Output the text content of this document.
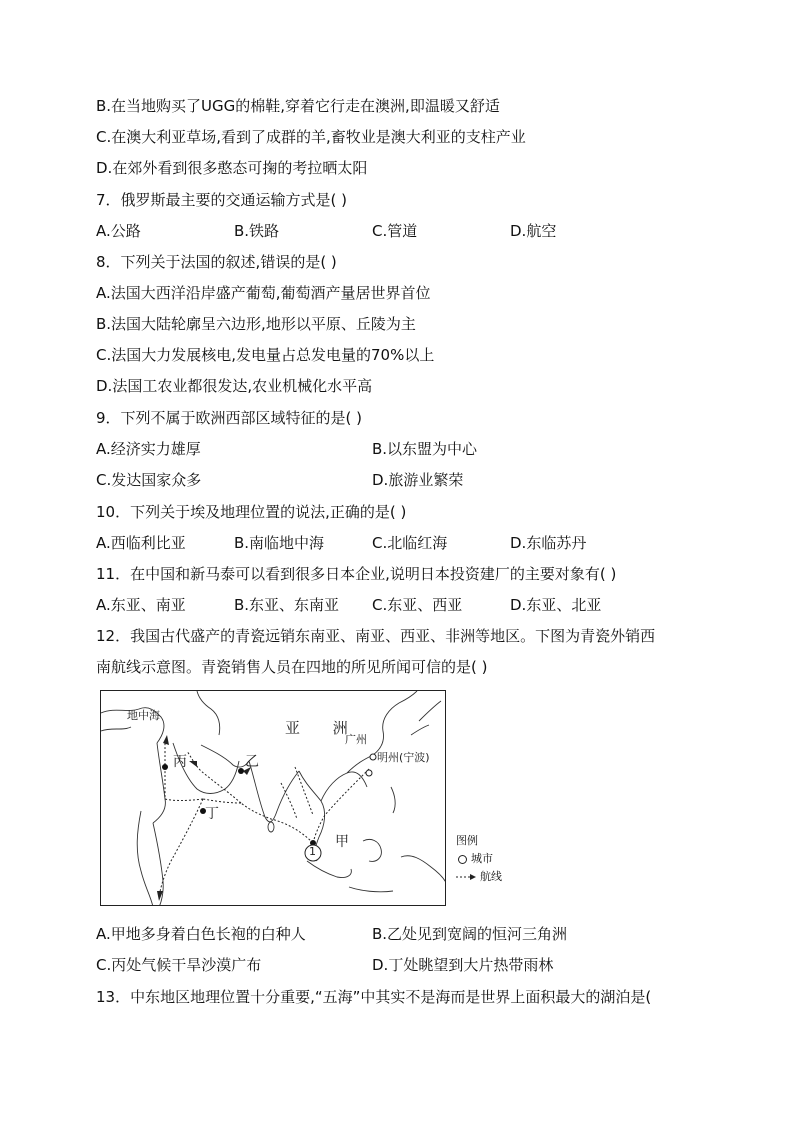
B.在当地购买了UGG的棉鞋,穿着它行走在澳洲,即温暖又舒适
C.在澳大利亚草场,看到了成群的羊,畜牧业是澳大利亚的支柱产业
D.在郊外看到很多憨态可掬的考拉晒太阳
7．俄罗斯最主要的交通运输方式是( )
A.公路	B.铁路	C.管道	D.航空
8．下列关于法国的叙述,错误的是( )
A.法国大西洋沿岸盛产葡萄,葡萄酒产量居世界首位
B.法国大陆轮廓呈六边形,地形以平原、丘陵为主
C.法国大力发展核电,发电量占总发电量的70%以上
D.法国工农业都很发达,农业机械化水平高
9．下列不属于欧洲西部区域特征的是( )
A.经济实力雄厚	B.以东盟为中心
C.发达国家众多	D.旅游业繁荣
10．下列关于埃及地理位置的说法,正确的是( )
A.西临利比亚	B.南临地中海	C.北临红海	D.东临苏丹
11．在中国和新马泰可以看到很多日本企业,说明日本投资建厂的主要对象有( )
A.东亚、南亚	B.东亚、东南亚 C.东亚、西亚	D.东亚、北亚
12．我国古代盛产的青瓷远销东南亚、南亚、西亚、非洲等地区。下图为青瓷外销西
南航线示意图。青瓷销售人员在四地的所见所闻可信的是( )
地中海
亚 洲
广州
明州(宁波)
丙	乙
丁
甲
1
图例
城市
航线
A.甲地多身着白色长袍的白种人	B.乙处见到宽阔的恒河三角洲
C.丙处气候干旱沙漠广布	D.丁处眺望到大片热带雨林
13．中东地区地理位置十分重要,“五海”中其实不是海而是世界上面积最大的湖泊是(
